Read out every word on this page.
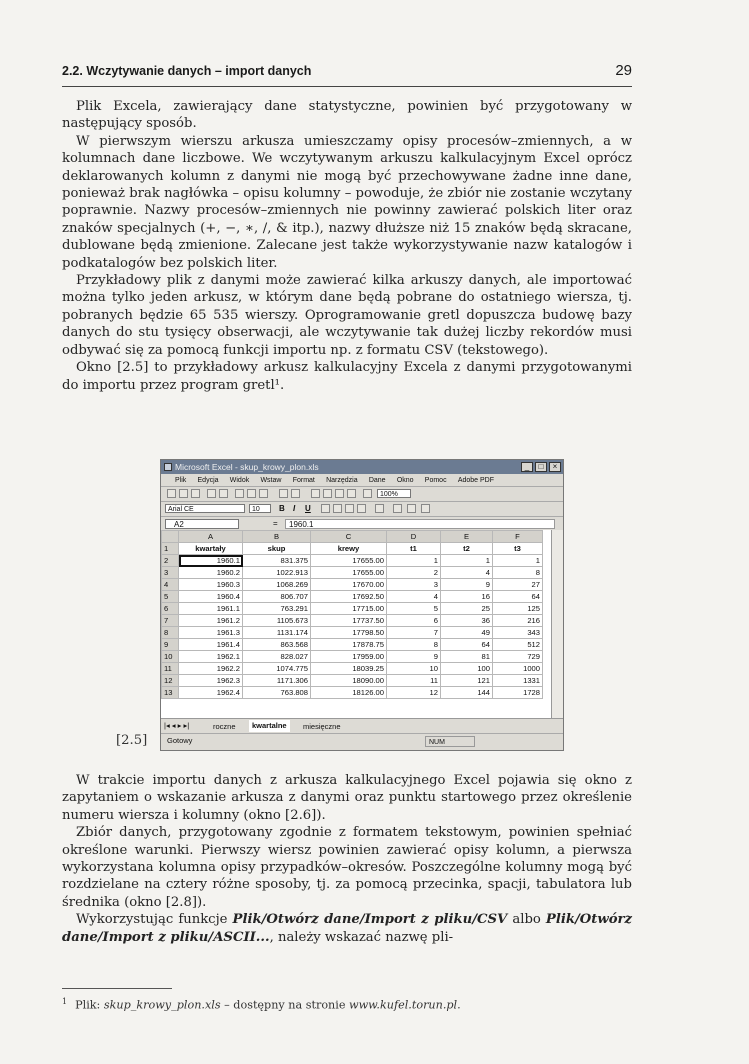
2.2. Wczytywanie danych – import danych	29

Plik Excela, zawierający dane statystyczne, powinien być przygotowany w następujący sposób.

W pierwszym wierszu arkusza umieszczamy opisy procesów–zmiennych, a w kolumnach dane liczbowe. We wczytywanym arkuszu kalkulacyjnym Excel oprócz deklarowanych kolumn z danymi nie mogą być przechowywane żadne inne dane, ponieważ brak nagłówka – opisu kolumny – powoduje, że zbiór nie zostanie wczytany poprawnie. Nazwy procesów–zmiennych nie powinny zawierać polskich liter oraz znaków specjalnych (+, −, ∗, /, & itp.), nazwy dłuższe niż 15 znaków będą skracane, dublowane będą zmienione. Zalecane jest także wykorzystywanie nazw katalogów i podkatalogów bez polskich liter.

Przykładowy plik z danymi może zawierać kilka arkuszy danych, ale importować można tylko jeden arkusz, w którym dane będą pobrane do ostatniego wiersza, tj. pobranych będzie 65 535 wierszy. Oprogramowanie gretl dopuszcza budowę bazy danych do stu tysięcy obserwacji, ale wczytywanie tak dużej liczby rekordów musi odbywać się za pomocą funkcji importu np. z formatu CSV (tekstowego).

Okno [2.5] to przykładowy arkusz kalkulacyjny Excela z danymi przygotowanymi do importu przez program gretl¹.

Microsoft Excel - skup_krowy_plon.xls	_	□	×
Plik Edycja Widok Wstaw Format Narzędzia Dane Okno Pomoc Adobe PDF
100%
Arial CE	10	B I U
A2	=	1960.1
	A	B	C	D	E	F
1	kwartały	skup	krewy	t1	t2	t3
2	1960.1	831.375	17655.00	1	1	1
3	1960.2	1022.913	17655.00	2	4	8
4	1960.3	1068.269	17670.00	3	9	27
5	1960.4	806.707	17692.50	4	16	64
6	1961.1	763.291	17715.00	5	25	125
7	1961.2	1105.673	17737.50	6	36	216
8	1961.3	1131.174	17798.50	7	49	343
9	1961.4	863.568	17878.75	8	64	512
10	1962.1	828.027	17959.00	9	81	729
11	1962.2	1074.775	18039.25	10	100	1000
12	1962.3	1171.306	18090.00	11	121	1331
13	1962.4	763.808	18126.00	12	144	1728
|◂ ◂ ▸ ▸|	roczne	kwartalne	miesięczne
Gotowy	NUM
[2.5]

W trakcie importu danych z arkusza kalkulacyjnego Excel pojawia się okno z zapytaniem o wskazanie arkusza z danymi oraz punktu startowego przez określenie numeru wiersza i kolumny (okno [2.6]).

Zbiór danych, przygotowany zgodnie z formatem tekstowym, powinien spełniać określone warunki. Pierwszy wiersz powinien zawierać opisy kolumn, a pierwsza wykorzystana kolumna opisy przypadków–okresów. Poszczególne kolumny mogą być rozdzielane na cztery różne sposoby, tj. za pomocą przecinka, spacji, tabulatora lub średnika (okno [2.8]).

Wykorzystując funkcje Plik/Otwórz dane/Import z pliku/CSV albo Plik/Otwórz dane/Import z pliku/ASCII..., należy wskazać nazwę pli-

$^1$ Plik: skup_krowy_plon.xls – dostępny na stronie www.kufel.torun.pl.
